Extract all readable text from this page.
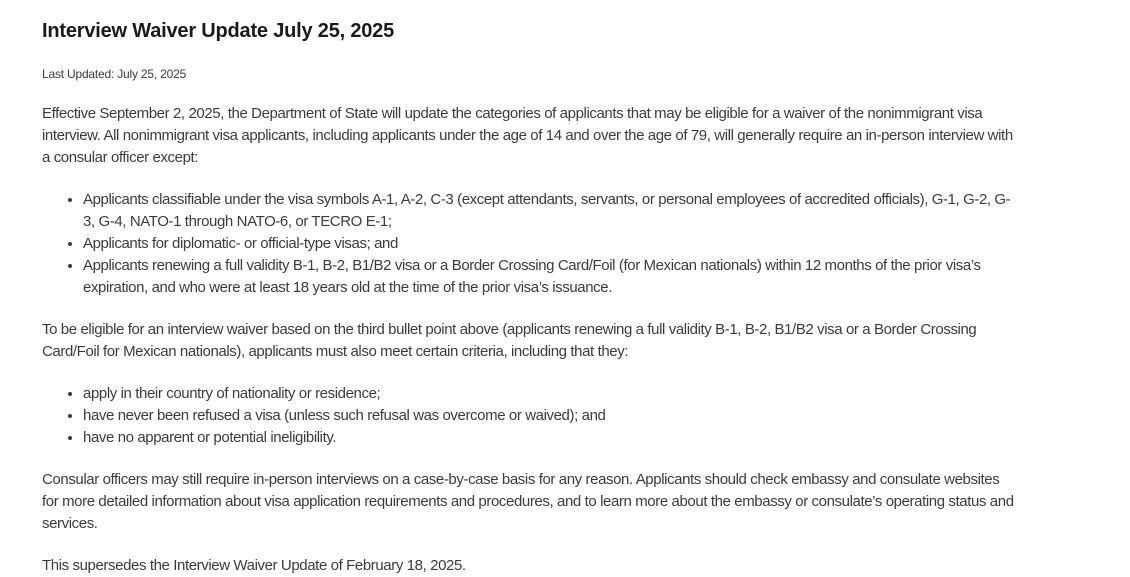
Interview Waiver Update July 25, 2025
Last Updated: July 25, 2025

Effective September 2, 2025, the Department of State will update the categories of applicants that may be eligible for a waiver of the nonimmigrant visa interview. All nonimmigrant visa applicants, including applicants under the age of 14 and over the age of 79, will generally require an in-person interview with a consular officer except:

• Applicants classifiable under the visa symbols A-1, A-2, C-3 (except attendants, servants, or personal employees of accredited officials), G-1, G-2, G-3, G-4, NATO-1 through NATO-6, or TECRO E-1;
• Applicants for diplomatic- or official-type visas; and
• Applicants renewing a full validity B-1, B-2, B1/B2 visa or a Border Crossing Card/Foil (for Mexican nationals) within 12 months of the prior visa’s expiration, and who were at least 18 years old at the time of the prior visa’s issuance.

To be eligible for an interview waiver based on the third bullet point above (applicants renewing a full validity B-1, B-2, B1/B2 visa or a Border Crossing Card/Foil for Mexican nationals), applicants must also meet certain criteria, including that they:

• apply in their country of nationality or residence;
• have never been refused a visa (unless such refusal was overcome or waived); and
• have no apparent or potential ineligibility.

Consular officers may still require in-person interviews on a case-by-case basis for any reason. Applicants should check embassy and consulate websites for more detailed information about visa application requirements and procedures, and to learn more about the embassy or consulate’s operating status and services.

This supersedes the Interview Waiver Update of February 18, 2025.
